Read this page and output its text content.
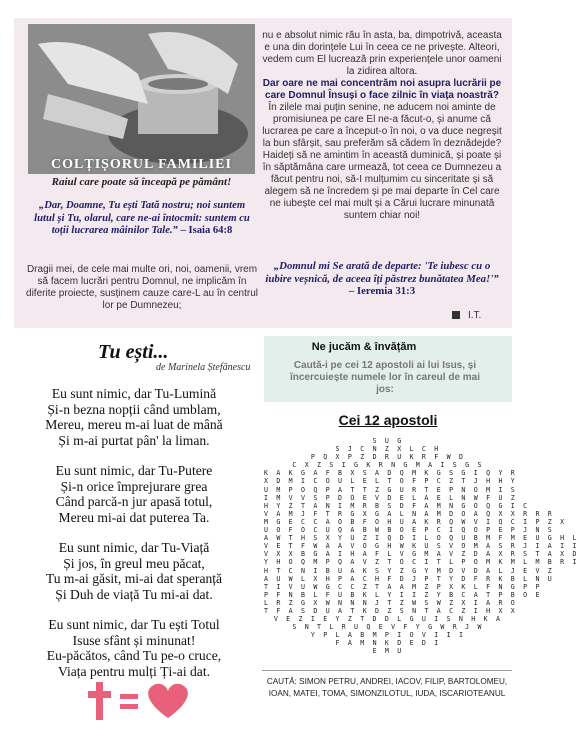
COLȚIȘORUL FAMILIEI
Raiul care poate să înceapă pe pământ!
„Dar, Doamne, Tu ești Tată nostru; noi suntem lutul și Tu, olarul, care ne-ai întocmit: suntem cu toții lucrarea mâinilor Tale.” – Isaia 64:8
Dragii mei, de cele mai multe ori, noi, oamenii, vrem să facem lucrări pentru Domnul, ne implicăm în diferite proiecte, susținem cauze care-L au în centrul lor pe Dumnezeu;

nu e absolut nimic rău în asta, ba, dimpotrivă, aceasta e una din dorințele Lui în ceea ce ne privește. Alteori, vedem cum El lucrează prin experiențele unor oameni la zidirea altora.

Dar oare ne mai concentrăm noi asupra lucrării pe care Domnul Însuși o face zilnic în viața noastră? În zilele mai puțin senine, ne aducem noi aminte de promisiunea pe care El ne-a făcut-o, și anume că lucrarea pe care a început-o în noi, o va duce negreșit la bun sfârșit, sau preferăm să cădem în deznădejde? Haideți să ne amintim în această duminică, și poate și în săptămâna care urmează, tot ceea ce Dumnezeu a făcut pentru noi, să-I mulțumim cu sinceritate și să alegem să ne încredem și pe mai departe în Cel care ne iubește cel mai mult și a Cărui lucrare minunată suntem chiar noi!

„Domnul mi Se arată de departe: 'Te iubesc cu o iubire veșnică, de aceea îți păstrez bunătatea Mea!'” – Ieremia 31:3
I.T.
Tu ești...
de Marinela Ștefănescu
Eu sunt nimic, dar Tu-Lumină
Și-n bezna nopții când umblam,
Mereu, mereu m-ai luat de mână
Și m-ai purtat pân' la liman.
Eu sunt nimic, dar Tu-Putere
Și-n orice împrejurare grea
Când parcă-n jur apasă totul,
Mereu mi-ai dat puterea Ta.
Eu sunt nimic, dar Tu-Viață
Și jos, în greul meu păcat,
Tu m-ai găsit, mi-ai dat speranță
Și Duh de viață Tu mi-ai dat.
Eu sunt nimic, dar Tu ești Totul
Isuse sfânt și minunat!
Eu-păcătos, când Tu pe-o cruce,
Viața pentru mulți Ți-ai dat.
Ne jucăm & învățăm
Caută-i pe cei 12 apostoli ai lui Isus, și încercuiește numele lor în careul de mai jos:
Cei 12 apostoli
S U G
S J C N Z X L C H
P Q X P Z D R U K R F W D
C X Z S I G K R N G M A I S G S
K A K G A F B X S A D Q M K G S G I Q Y R
X D M I C O U L E L T O F P C Z T J H H Y
U M P O Q P A T T Z G U R T E P N O M I S
I M V V S P D O E V D E L A E L N W F U Z
H Y Z T A N I M R B S D F A M N G O Q G I C
V A M J F T R G X G A L N A M D O A Q X X R R R
M G E C C A O B F O H U A K R Q W V I Q C I P Z X
U O F O C U Q A B W B O E P C I Q O P E P J N S
A W T H S X Y U Z I Q D I L O Q U B M F M E U G H L
V E T F W A A V O G H W K U S V O M A S R J I A I I
V X X B G A I H A F L V G M A V Z D A X R S T A X D
Y H O Q M P Q A V Z T O C I T L P O M K M L M B R I
H T C N I B U A K S Y Z G Y M D V D A L J E V Z
A U W L X H P A C H F D J P T Y D F R K B L N U
T I V U W G C C Z T A A M Z P X K L F N G P P
P F N B L F U B K L Y I I Z Y B C A T P B O E
L R Z G X W N N N J T Z W S W Z X I A R O
T F A S D U A T K D Z S N T A C Z I H X X
V E Z I E Y Z T D D L G U I S N H K A
S N T L R U Q E V F Y G W R J W
Y P L A B M P I O V I I I
F A M N K D E D I
E M U
CAUTĂ: SIMON PETRU, ANDREI, IACOV, FILIP, BARTOLOMEU, IOAN, MATEI, TOMA, SIMONZILOTUL, IUDA, ISCARIOTEANUL
